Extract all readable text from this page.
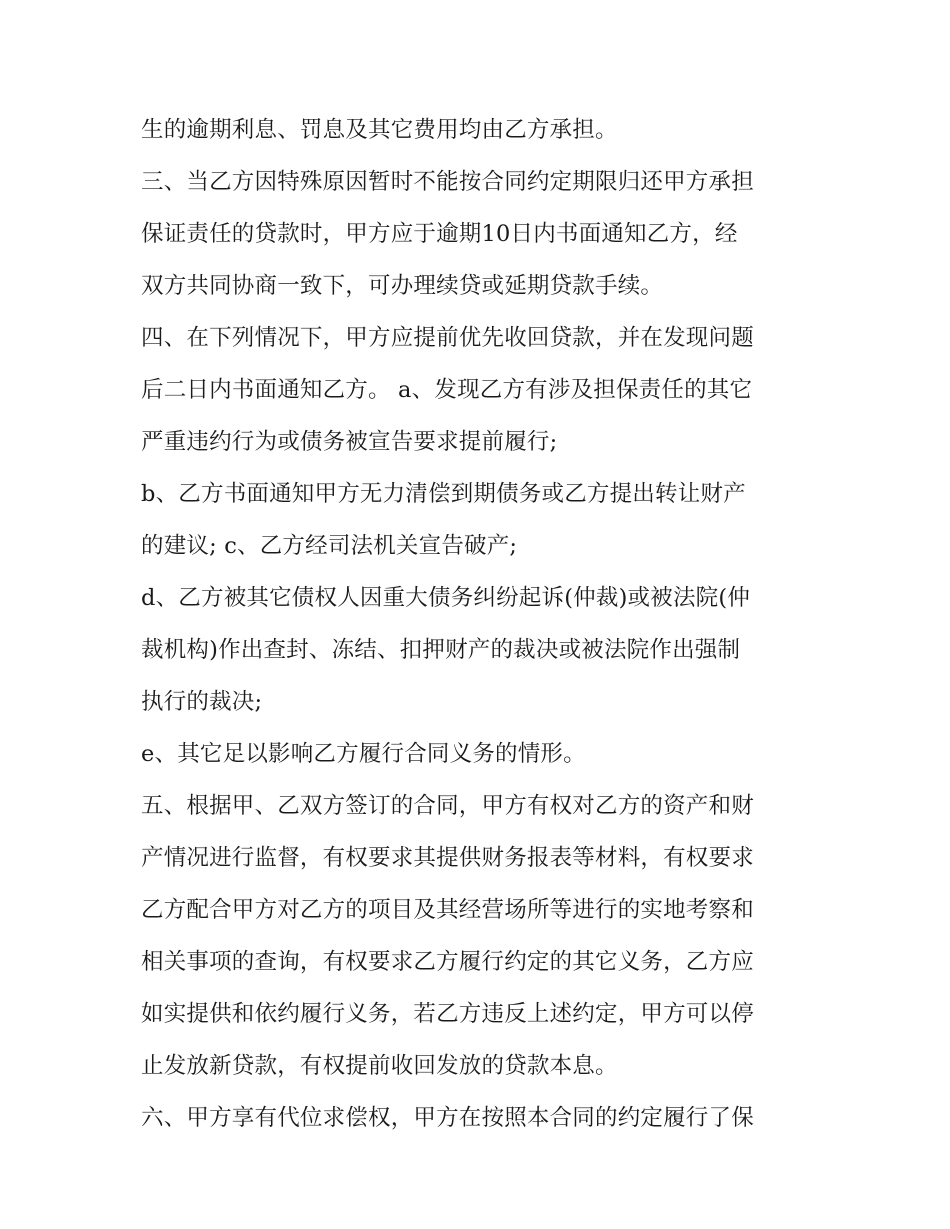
生的逾期利息、罚息及其它费用均由乙方承担。

三、当乙方因特殊原因暂时不能按合同约定期限归还甲方承担
保证责任的贷款时，甲方应于逾期10日内书面通知乙方，经
双方共同协商一致下，可办理续贷或延期贷款手续。

四、在下列情况下，甲方应提前优先收回贷款，并在发现问题
后二日内书面通知乙方。 a、发现乙方有涉及担保责任的其它
严重违约行为或债务被宣告要求提前履行;

b、乙方书面通知甲方无力清偿到期债务或乙方提出转让财产
的建议; c、乙方经司法机关宣告破产;

d、乙方被其它债权人因重大债务纠纷起诉(仲裁)或被法院(仲
裁机构)作出查封、冻结、扣押财产的裁决或被法院作出强制
执行的裁决;

e、其它足以影响乙方履行合同义务的情形。

五、根据甲、乙双方签订的合同，甲方有权对乙方的资产和财
产情况进行监督，有权要求其提供财务报表等材料，有权要求
乙方配合甲方对乙方的项目及其经营场所等进行的实地考察和
相关事项的查询，有权要求乙方履行约定的其它义务，乙方应
如实提供和依约履行义务，若乙方违反上述约定，甲方可以停
止发放新贷款，有权提前收回发放的贷款本息。

六、甲方享有代位求偿权，甲方在按照本合同的约定履行了保
